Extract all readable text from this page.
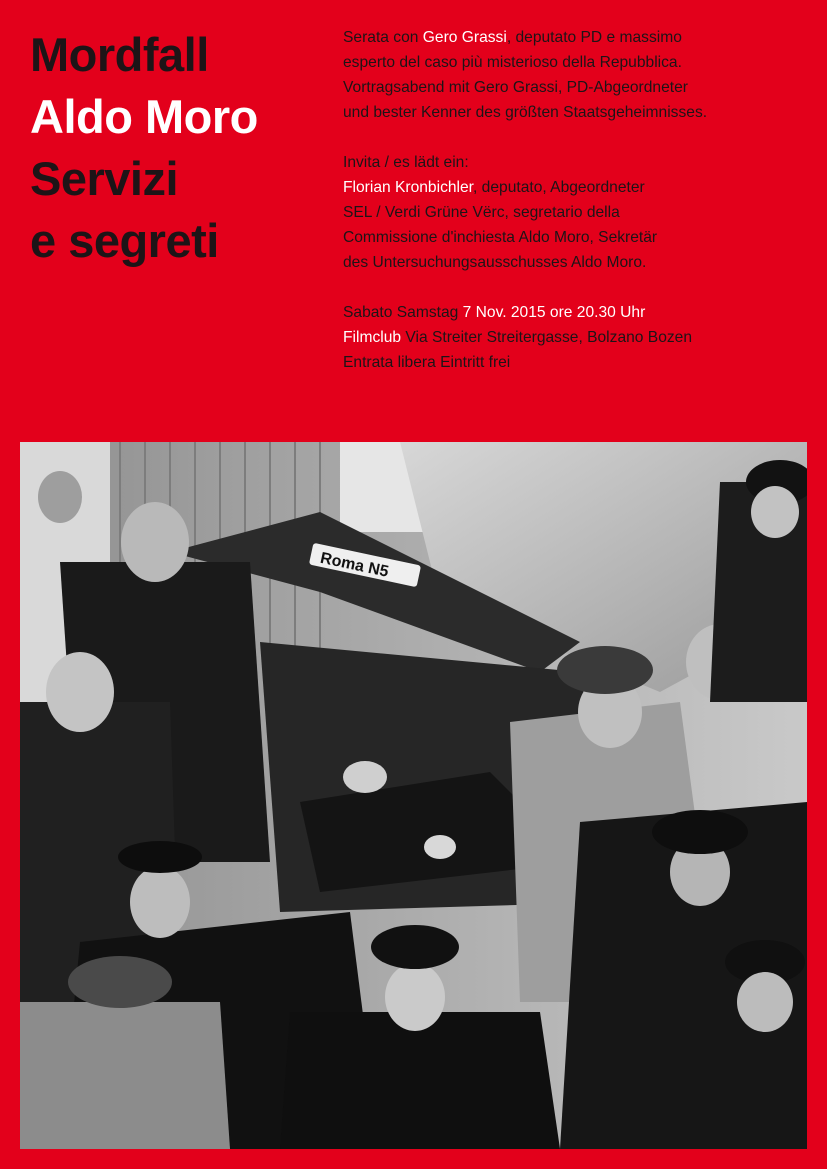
Mordfall
Aldo Moro
Servizi
e segreti

Serata con Gero Grassi, deputato PD e massimo
esperto del caso più misterioso della Repubblica.
Vortragsabend mit Gero Grassi, PD-Abgeordneter
und bester Kenner des größten Staatsgeheimnisses.

Invita / es lädt ein:
Florian Kronbichler, deputato, Abgeordneter
SEL / Verdi Grüne Vërc, segretario della
Commissione d'inchiesta Aldo Moro, Sekretär
des Untersuchungsausschusses Aldo Moro.

Sabato Samstag 7 Nov. 2015 ore 20.30 Uhr
Filmclub Via Streiter Streitergasse, Bolzano Bozen
Entrata libera Eintritt frei

Roma N5
